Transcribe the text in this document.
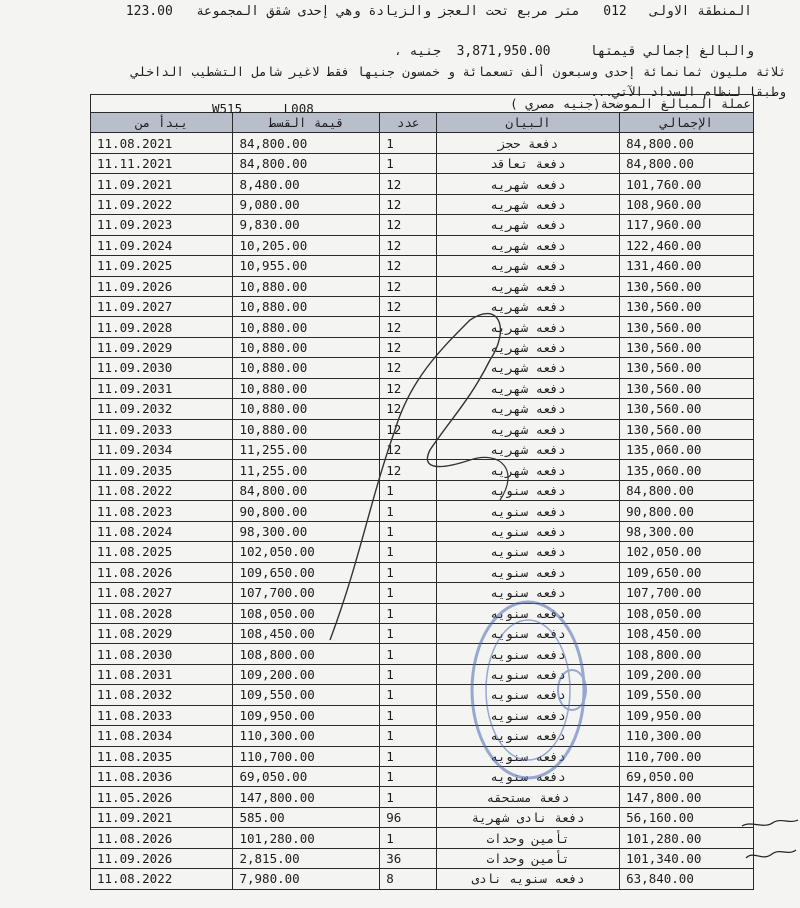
المنطقة الاولى   012   متر مربع تحت العجز والزيادة وهي إحدى شقق المجموعة   123.00
والبالغ إجمالي قيمتها     3,871,950.00  جنيه ،
ثلاثة مليون ثمانمائة إحدى وسبعون ألف تسعمائة و خمسون جنيها فقط لاغير شامل التشطيب الداخلي
وطبقا لنظام السداد الآتي...
عملة المبالغ الموضحة(جنيه مصري )
الإجمالي	البيان	عدد	قيمة القسط	يبدأ من
84,800.00	دفعة حجز	1	84,800.00	11.08.2021
84,800.00	دفعة تعاقد	1	84,800.00	11.11.2021
101,760.00	دفعه شهريه	12	8,480.00	11.09.2021
108,960.00	دفعه شهريه	12	9,080.00	11.09.2022
117,960.00	دفعه شهريه	12	9,830.00	11.09.2023
122,460.00	دفعه شهريه	12	10,205.00	11.09.2024
131,460.00	دفعه شهريه	12	10,955.00	11.09.2025
130,560.00	دفعه شهريه	12	10,880.00	11.09.2026
130,560.00	دفعه شهريه	12	10,880.00	11.09.2027
130,560.00	دفعه شهريه	12	10,880.00	11.09.2028
130,560.00	دفعه شهريه	12	10,880.00	11.09.2029
130,560.00	دفعه شهريه	12	10,880.00	11.09.2030
130,560.00	دفعه شهريه	12	10,880.00	11.09.2031
130,560.00	دفعه شهريه	12	10,880.00	11.09.2032
130,560.00	دفعه شهريه	12	10,880.00	11.09.2033
135,060.00	دفعه شهريه	12	11,255.00	11.09.2034
135,060.00	دفعه شهريه	12	11,255.00	11.09.2035
84,800.00	دفعه سنويه	1	84,800.00	11.08.2022
90,800.00	دفعه سنويه	1	90,800.00	11.08.2023
98,300.00	دفعه سنويه	1	98,300.00	11.08.2024
102,050.00	دفعه سنويه	1	102,050.00	11.08.2025
109,650.00	دفعه سنويه	1	109,650.00	11.08.2026
107,700.00	دفعه سنويه	1	107,700.00	11.08.2027
108,050.00	دفعه سنويه	1	108,050.00	11.08.2028
108,450.00	دفعه سنويه	1	108,450.00	11.08.2029
108,800.00	دفعه سنويه	1	108,800.00	11.08.2030
109,200.00	دفعه سنويه	1	109,200.00	11.08.2031
109,550.00	دفعه سنويه	1	109,550.00	11.08.2032
109,950.00	دفعه سنويه	1	109,950.00	11.08.2033
110,300.00	دفعه سنويه	1	110,300.00	11.08.2034
110,700.00	دفعه سنويه	1	110,700.00	11.08.2035
69,050.00	دفعه سنويه	1	69,050.00	11.08.2036
147,800.00	دفعة مستحقه	1	147,800.00	11.05.2026
56,160.00	دفعة نادى شهرية	96	585.00	11.09.2021
101,280.00	تأمين وحدات	1	101,280.00	11.08.2026
101,340.00	تأمين وحدات	36	2,815.00	11.09.2026
63,840.00	دفعه سنويه نادى	8	7,980.00	11.08.2022
W515	L008
